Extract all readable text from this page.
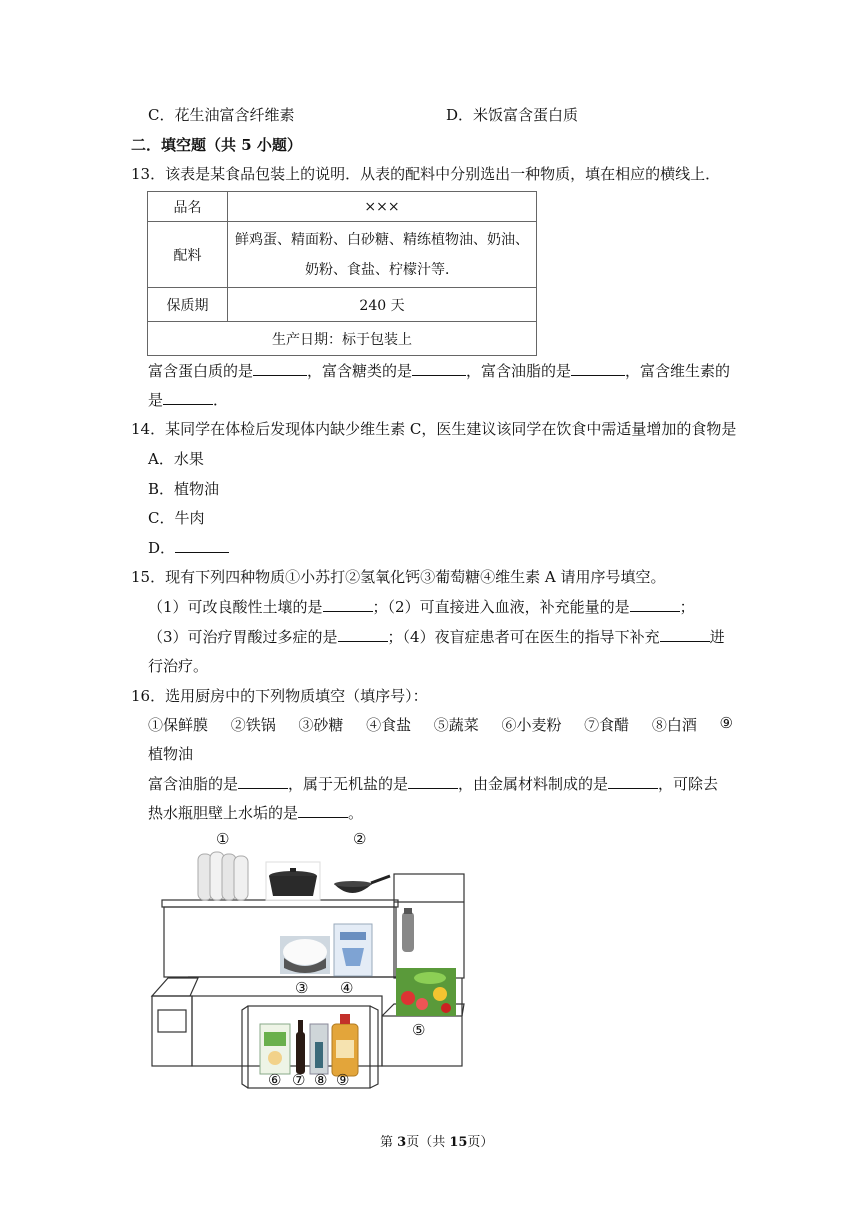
C．花生油富含纤维素	D．米饭富含蛋白质
二．填空题（共 5 小题）
13．该表是某食品包装上的说明．从表的配料中分别选出一种物质，填在相应的横线上．
品名	×××
配料	鲜鸡蛋、精面粉、白砂糖、精练植物油、奶油、
奶粉、食盐、柠檬汁等．

保质期	240 天
生产日期：标于包装上	
富含蛋白质的是	，富含糖类的是	，富含油脂的是	，富含维生素的
是	．
14．某同学在体检后发现体内缺少维生素 C，医生建议该同学在饮食中需适量增加的食物是
A．水果
B．植物油
C．牛肉
D．
15．现有下列四种物质①小苏打②氢氧化钙③葡萄糖④维生素 A 请用序号填空。
（1）可改良酸性土壤的是	；（2）可直接进入血液，补充能量的是	；
（3）可治疗胃酸过多症的是	；（4）夜盲症患者可在医生的指导下补充	进
行治疗。
16．选用厨房中的下列物质填空（填序号）：
①保鲜膜 ②铁锅 ③砂糖 ④食盐 ⑤蔬菜 ⑥小麦粉 ⑦食醋 ⑧白酒 ⑨
植物油
富含油脂的是	，属于无机盐的是	，由金属材料制成的是	，可除去
热水瓶胆壁上水垢的是	。
①	②
③ ④
⑤
⑥ ⑦ ⑧ ⑨
第 3页（共 15页）
